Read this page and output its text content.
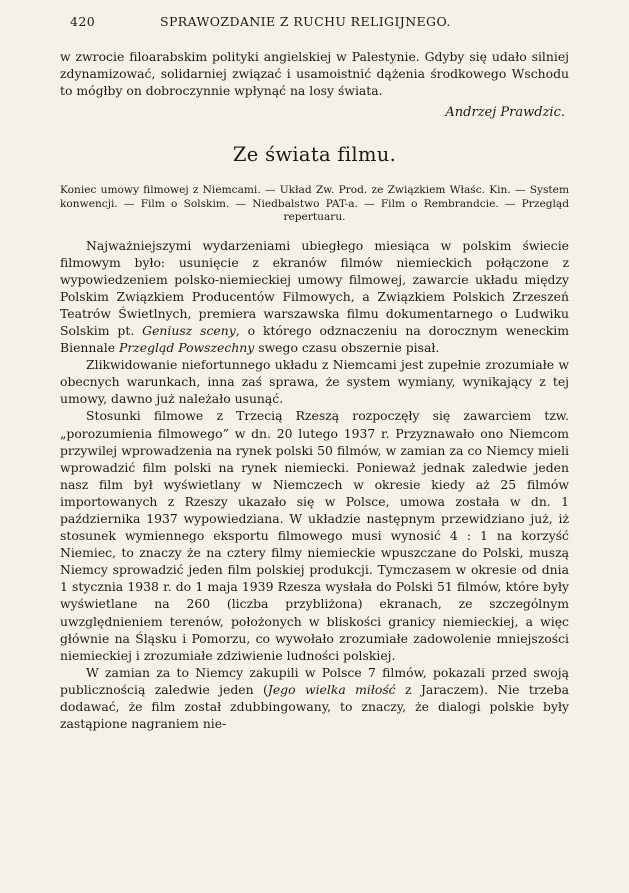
420	SPRAWOZDANIE Z RUCHU RELIGIJNEGO.

w zwrocie filoarabskim polityki angielskiej w Palestynie. Gdyby się udało silniej zdynamizować, solidarniej związać i usamoistnić dążenia środkowego Wschodu to mógłby on dobroczynnie wpłynąć na losy świata.

Andrzej Prawdzic.
Ze świata filmu.
Koniec umowy filmowej z Niemcami. — Układ Zw. Prod. ze Związkiem Właśc. Kin. — System konwencji. — Film o Solskim. — Niedbalstwo PAT-a. — Film o Rembrandcie. — Przegląd repertuaru.

Najważniejszymi wydarzeniami ubiegłego miesiąca w polskim świecie filmowym było: usunięcie z ekranów filmów niemieckich połączone z wypowiedzeniem polsko-niemieckiej umowy filmowej, zawarcie układu między Polskim Związkiem Producentów Filmowych, a Związkiem Polskich Zrzeszeń Teatrów Świetlnych, premiera warszawska filmu dokumentarnego o Ludwiku Solskim pt. Geniusz sceny, o którego odznaczeniu na dorocznym weneckim Biennale Przegląd Powszechny swego czasu obszernie pisał.

Zlikwidowanie niefortunnego układu z Niemcami jest zupełnie zrozumiałe w obecnych warunkach, inna zaś sprawa, że system wymiany, wynikający z tej umowy, dawno już należało usunąć.

Stosunki filmowe z Trzecią Rzeszą rozpoczęły się zawarciem tzw. „porozumienia filmowego” w dn. 20 lutego 1937 r. Przyznawało ono Niemcom przywilej wprowadzenia na rynek polski 50 filmów, w zamian za co Niemcy mieli wprowadzić film polski na rynek niemiecki. Ponieważ jednak zaledwie jeden nasz film był wyświetlany w Niemczech w okresie kiedy aż 25 filmów importowanych z Rzeszy ukazało się w Polsce, umowa została w dn. 1 października 1937 wypowiedziana. W układzie następnym przewidziano już, iż stosunek wymiennego eksportu filmowego musi wynosić 4 : 1 na korzyść Niemiec, to znaczy że na cztery filmy niemieckie wpuszczane do Polski, muszą Niemcy sprowadzić jeden film polskiej produkcji. Tymczasem w okresie od dnia 1 stycznia 1938 r. do 1 maja 1939 Rzesza wysłała do Polski 51 filmów, które były wyświetlane na 260 (liczba przybliżona) ekranach, ze szczególnym uwzględnieniem terenów, położonych w bliskości granicy niemieckiej, a więc głównie na Śląsku i Pomorzu, co wywołało zrozumiałe zadowolenie mniejszości niemieckiej i zrozumiałe zdziwienie ludności polskiej.

W zamian za to Niemcy zakupili w Polsce 7 filmów, pokazali przed swoją publicznością zaledwie jeden (Jego wielka miłość z Jaraczem). Nie trzeba dodawać, że film został zdubbingowany, to znaczy, że dialogi polskie były zastąpione nagraniem nie-
